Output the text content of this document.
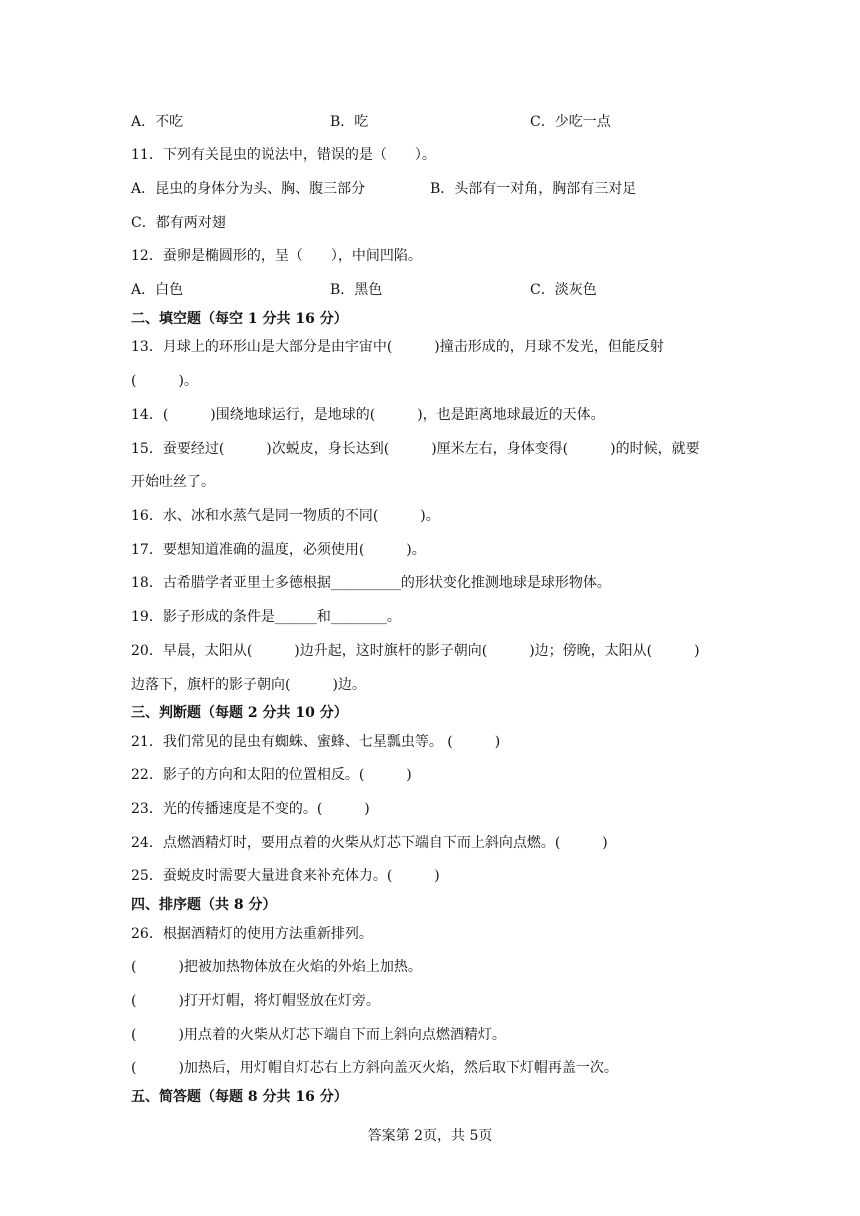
A．不吃	B．吃	C．少吃一点
11．下列有关昆虫的说法中，错误的是（　　）。
A．昆虫的身体分为头、胸、腹三部分	B．头部有一对角，胸部有三对足
C．都有两对翅
12．蚕卵是椭圆形的，呈（　　），中间凹陷。
A．白色	B．黑色	C．淡灰色
二、填空题（每空 1 分共 16 分）
13．月球上的环形山是大部分是由宇宙中(　　　)撞击形成的，月球不发光，但能反射
(　　　)。
14．(　　　)围绕地球运行，是地球的(　　　)，也是距离地球最近的天体。
15．蚕要经过(　　　)次蜕皮，身长达到(　　　)厘米左右，身体变得(　　　)的时候，就要
开始吐丝了。
16．水、冰和水蒸气是同一物质的不同(　　　)。
17．要想知道准确的温度，必须使用(　　　)。
18．古希腊学者亚里士多德根据__________的形状变化推测地球是球形物体。
19．影子形成的条件是______和________。
20．早晨，太阳从(　　　)边升起，这时旗杆的影子朝向(　　　)边；傍晚，太阳从(　　　)
边落下，旗杆的影子朝向(　　　)边。
三、判断题（每题 2 分共 10 分）
21．我们常见的昆虫有蜘蛛、蜜蜂、七星瓢虫等。 (　　　)
22．影子的方向和太阳的位置相反。(　　　)
23．光的传播速度是不变的。(　　　)
24．点燃酒精灯时，要用点着的火柴从灯芯下端自下而上斜向点燃。(　　　)
25．蚕蜕皮时需要大量进食来补充体力。(　　　)
四、排序题（共 8 分）
26．根据酒精灯的使用方法重新排列。
(　　　)把被加热物体放在火焰的外焰上加热。
(　　　)打开灯帽，将灯帽竖放在灯旁。
(　　　)用点着的火柴从灯芯下端自下而上斜向点燃酒精灯。
(　　　)加热后，用灯帽自灯芯右上方斜向盖灭火焰，然后取下灯帽再盖一次。
五、简答题（每题 8 分共 16 分）
答案第 2页，共 5页
